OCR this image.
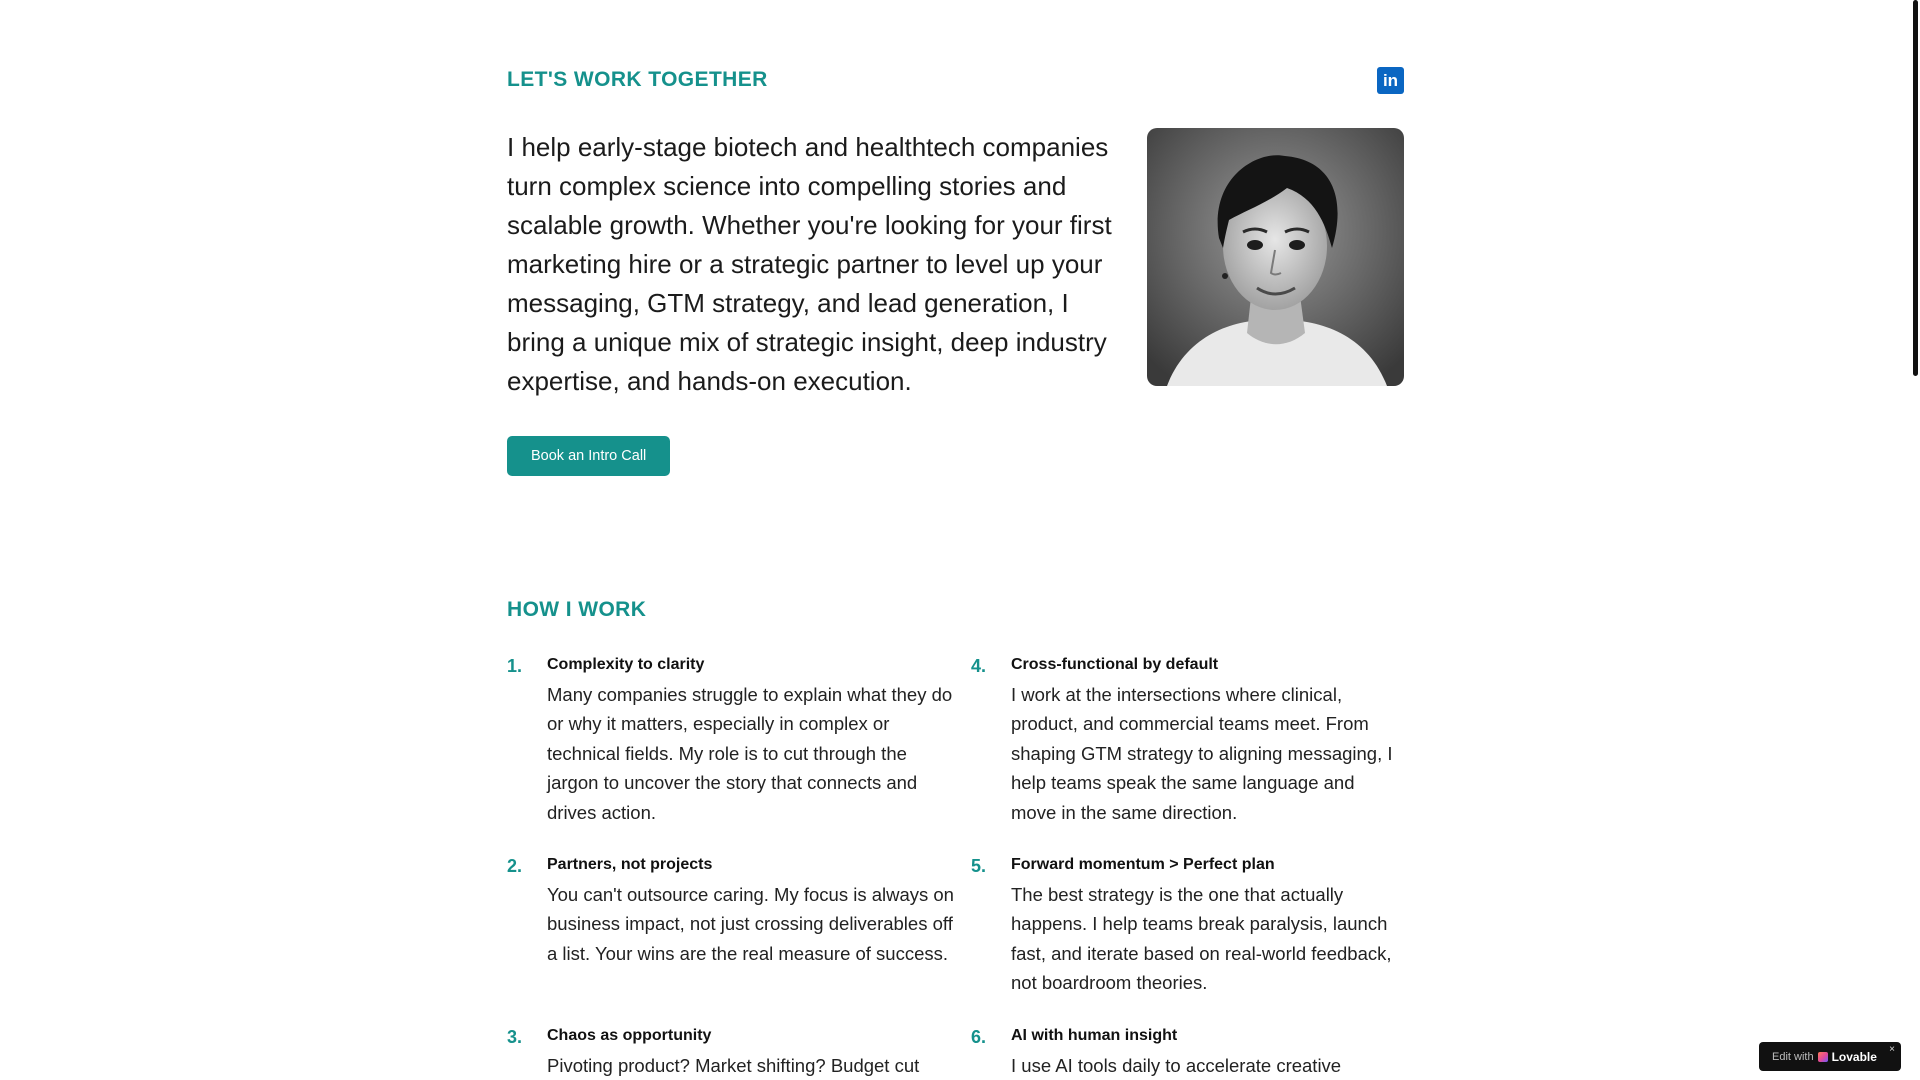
LET'S WORK TOGETHER	in

I help early-stage biotech and healthtech companies turn complex science into compelling stories and scalable growth. Whether you're looking for your first marketing hire or a strategic partner to level up your messaging, GTM strategy, and lead generation, I bring a unique mix of strategic insight, deep industry expertise, and hands-on execution.

Book an Intro Call
HOW I WORK
1.	Complexity to clarity

Many companies struggle to explain what they do or why it matters, especially in complex or technical fields. My role is to cut through the jargon to uncover the story that connects and drives action.

4.	Cross-functional by default

I work at the intersections where clinical, product, and commercial teams meet. From shaping GTM strategy to aligning messaging, I help teams speak the same language and move in the same direction.

2.	Partners, not projects

You can't outsource caring. My focus is always on business impact, not just crossing deliverables off a list. Your wins are the real measure of success.

5.	Forward momentum > Perfect plan

The best strategy is the one that actually happens. I help teams break paralysis, launch fast, and iterate based on real-world feedback, not boardroom theories.

3.	Chaos as opportunity

Pivoting product? Market shifting? Budget cut

6.	AI with human insight

I use AI tools daily to accelerate creative	Edit with Lovable ×
